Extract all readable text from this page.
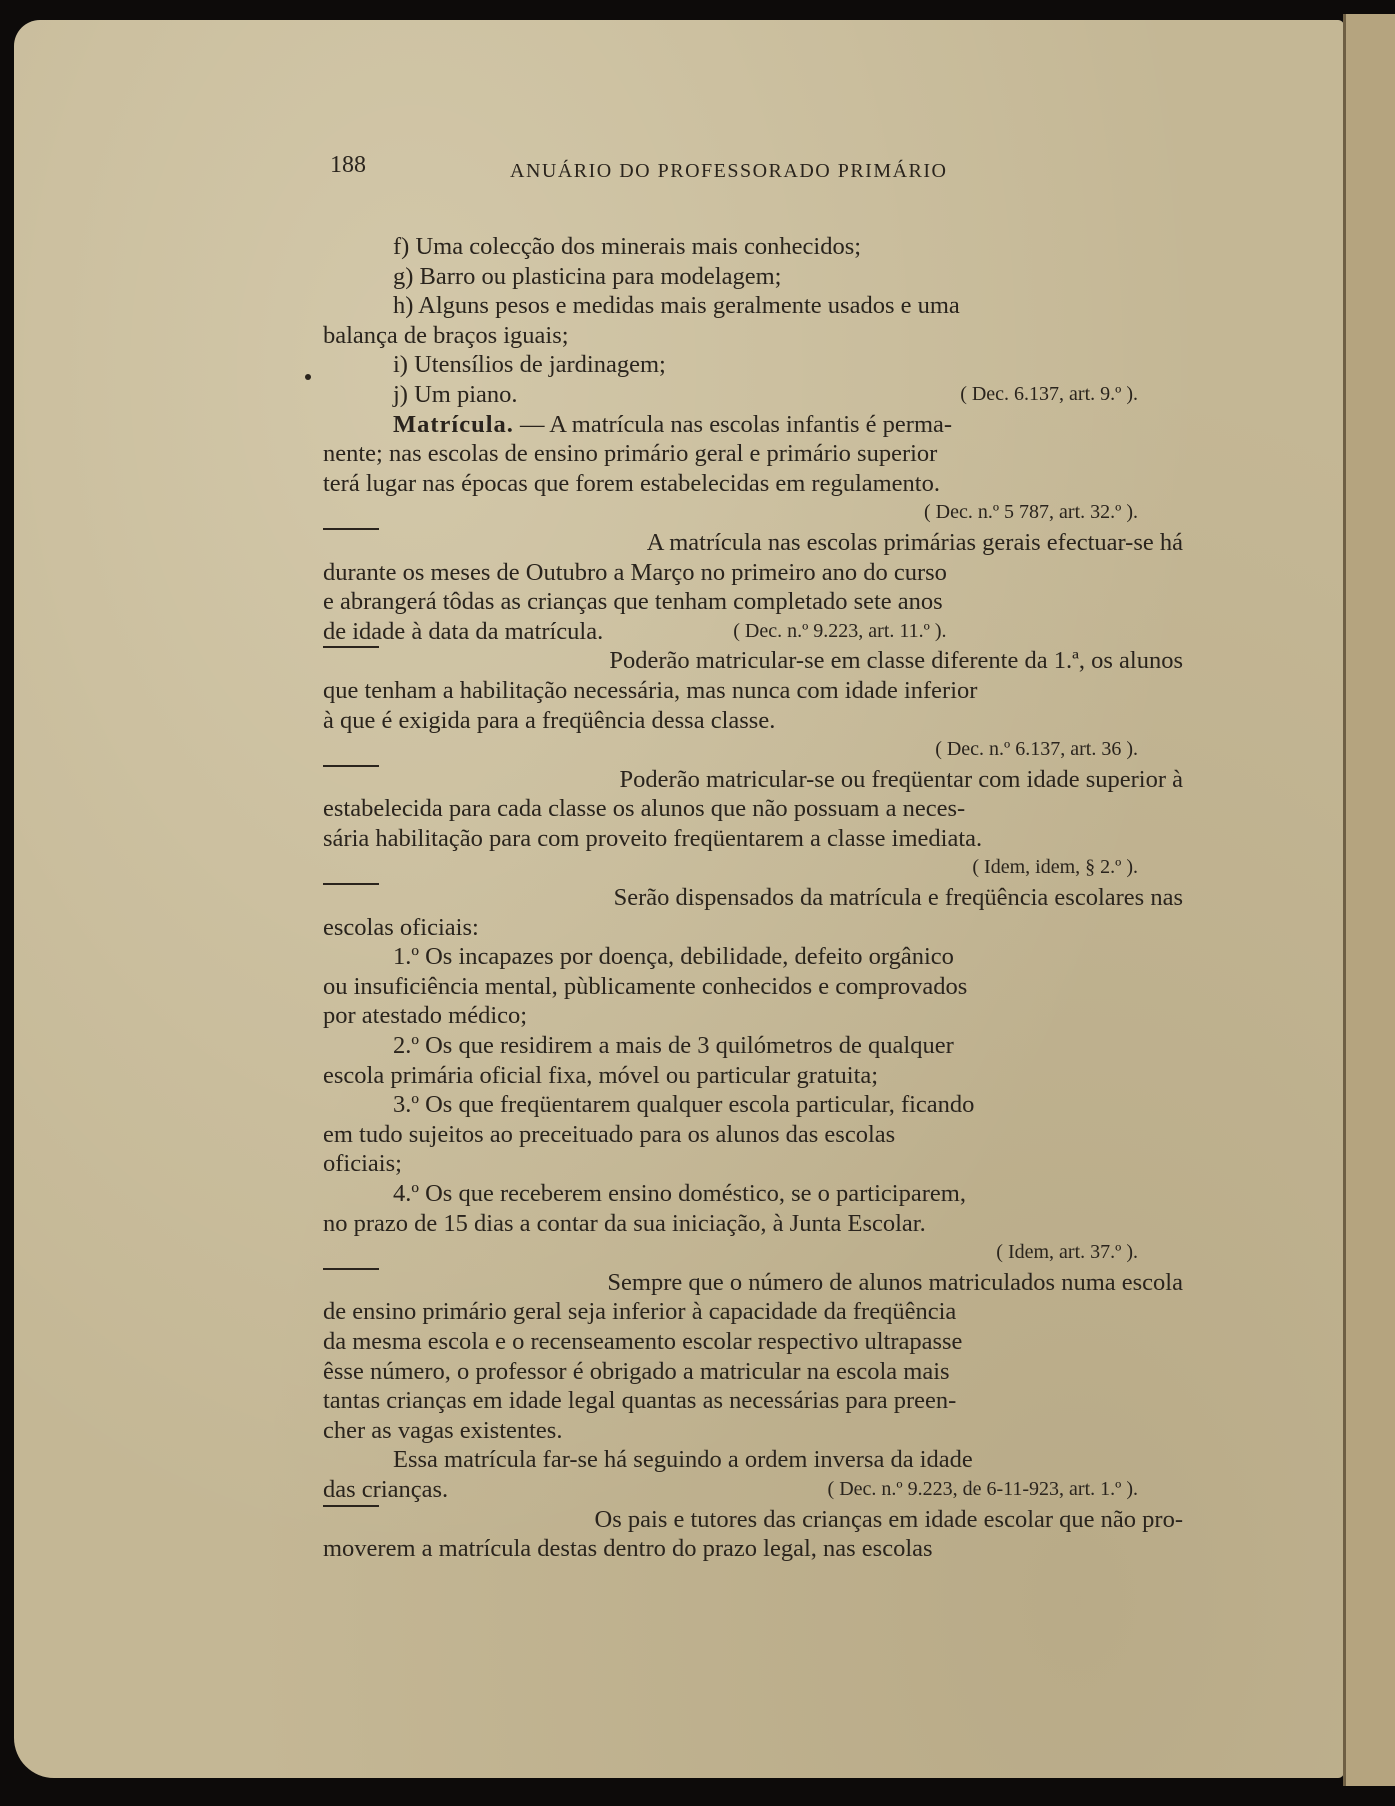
188	ANUÁRIO DO PROFESSORADO PRIMÁRIO
f) Uma colecção dos minerais mais conhecidos;
g) Barro ou plasticina para modelagem;
h) Alguns pesos e medidas mais geralmente usados e uma
balança de braços iguais;
i) Utensílios de jardinagem;
j) Um piano.	( Dec. 6.137, art. 9.º ).
Matrícula. — A matrícula nas escolas infantis é perma-
nente; nas escolas de ensino primário geral e primário superior
terá lugar nas épocas que forem estabelecidas em regulamento.
( Dec. n.º 5 787, art. 32.º ).
A matrícula nas escolas primárias gerais efectuar-se há
durante os meses de Outubro a Março no primeiro ano do curso
e abrangerá tôdas as crianças que tenham completado sete anos
de idade à data da matrícula.	( Dec. n.º 9.223, art. 11.º ).
Poderão matricular-se em classe diferente da 1.ª, os alunos
que tenham a habilitação necessária, mas nunca com idade inferior
à que é exigida para a freqüência dessa classe.
( Dec. n.º 6.137, art. 36 ).
Poderão matricular-se ou freqüentar com idade superior à
estabelecida para cada classe os alunos que não possuam a neces-
sária habilitação para com proveito freqüentarem a classe imediata.
( Idem, idem, § 2.º ).
Serão dispensados da matrícula e freqüência escolares nas
escolas oficiais:
1.º Os incapazes por doença, debilidade, defeito orgânico
ou insuficiência mental, pùblicamente conhecidos e comprovados
por atestado médico;
2.º Os que residirem a mais de 3 quilómetros de qualquer
escola primária oficial fixa, móvel ou particular gratuita;
3.º Os que freqüentarem qualquer escola particular, ficando
em tudo sujeitos ao preceituado para os alunos das escolas
oficiais;
4.º Os que receberem ensino doméstico, se o participarem,
no prazo de 15 dias a contar da sua iniciação, à Junta Escolar.
( Idem, art. 37.º ).
Sempre que o número de alunos matriculados numa escola
de ensino primário geral seja inferior à capacidade da freqüência
da mesma escola e o recenseamento escolar respectivo ultrapasse
êsse número, o professor é obrigado a matricular na escola mais
tantas crianças em idade legal quantas as necessárias para preen-
cher as vagas existentes.
Essa matrícula far-se há seguindo a ordem inversa da idade
das crianças.	( Dec. n.º 9.223, de 6-11-923, art. 1.º ).
Os pais e tutores das crianças em idade escolar que não pro-
moverem a matrícula destas dentro do prazo legal, nas escolas
